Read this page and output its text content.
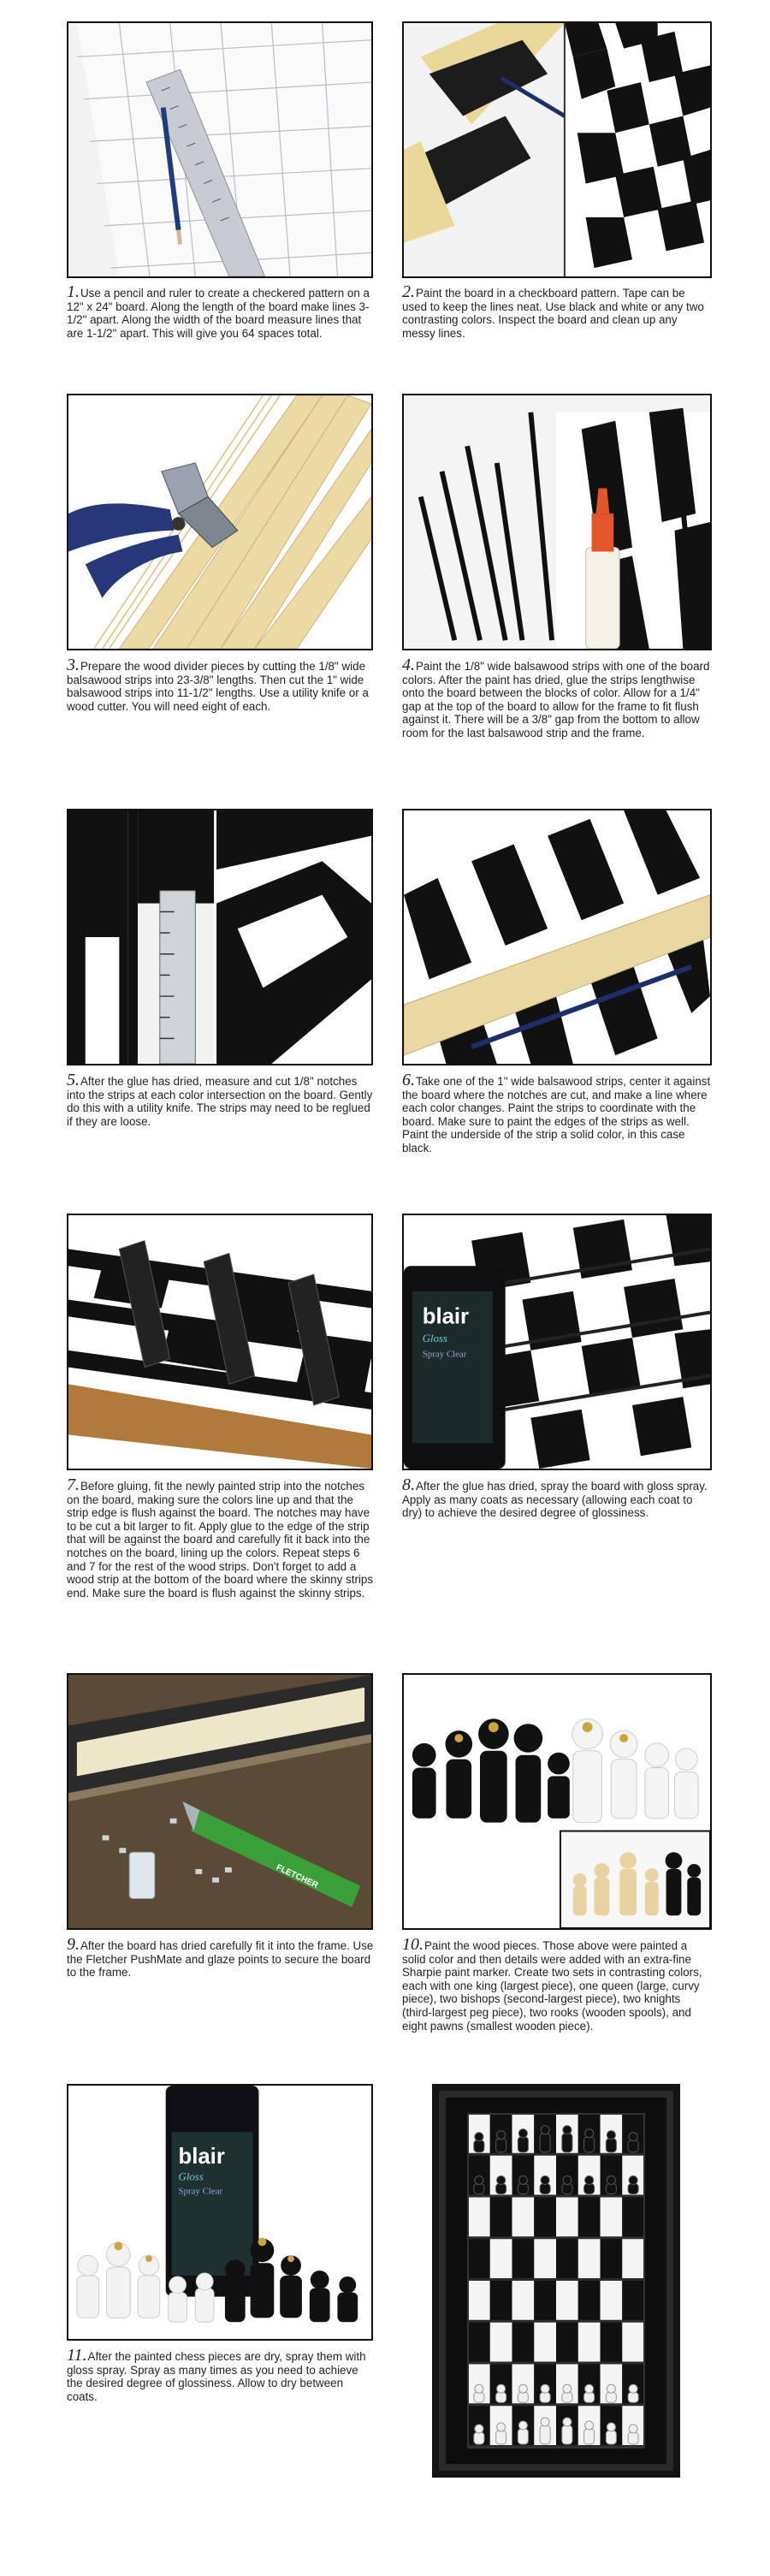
1.Use a pencil and ruler to create a checkered pattern on a 12" x 24" board. Along the length of the board make lines 3-1/2" apart. Along the width of the board measure lines that are 1-1/2" apart. This will give you 64 spaces total.
2.Paint the board in a checkboard pattern. Tape can be used to keep the lines neat. Use black and white or any two contrasting colors. Inspect the board and clean up any messy lines.
3.Prepare the wood divider pieces by cutting the 1/8" wide balsawood strips into 23-3/8" lengths. Then cut the 1" wide balsawood strips into 11-1/2" lengths. Use a utility knife or a wood cutter. You will need eight of each.
4.Paint the 1/8" wide balsawood strips with one of the board colors. After the paint has dried, glue the strips lengthwise onto the board between the blocks of color. Allow for a 1/4" gap at the top of the board to allow for the frame to fit flush against it. There will be a 3/8" gap from the bottom to allow room for the last balsawood strip and the frame.
5.After the glue has dried, measure and cut 1/8" notches into the strips at each color intersection on the board. Gently do this with a utility knife. The strips may need to be reglued if they are loose.
6.Take one of the 1" wide balsawood strips, center it against the board where the notches are cut, and make a line where each color changes. Paint the strips to coordinate with the board. Make sure to paint the edges of the strips as well. Paint the underside of the strip a solid color, in this case black.
7.Before gluing, fit the newly painted strip into the notches on the board, making sure the colors line up and that the strip edge is flush against the board. The notches may have to be cut a bit larger to fit. Apply glue to the edge of the strip that will be against the board and carefully fit it back into the notches on the board, lining up the colors. Repeat steps 6 and 7 for the rest of the wood strips. Don't forget to add a wood strip at the bottom of the board where the skinny strips end. Make sure the board is flush against the skinny strips.
blair
Gloss
Spray Clear
8.After the glue has dried, spray the board with gloss spray. Apply as many coats as necessary (allowing each coat to dry) to achieve the desired degree of glossiness.
FLETCHER
9.After the board has dried carefully fit it into the frame. Use the Fletcher PushMate and glaze points to secure the board to the frame.
10.Paint the wood pieces. Those above were painted a solid color and then details were added with an extra-fine Sharpie paint marker. Create two sets in contrasting colors, each with one king (largest piece), one queen (large, curvy piece), two bishops (second-largest piece), two knights (third-largest peg piece), two rooks (wooden spools), and eight pawns (smallest wooden piece).
blair
Gloss
Spray Clear
11.After the painted chess pieces are dry, spray them with gloss spray. Spray as many times as you need to achieve the desired degree of glossiness. Allow to dry between coats.
